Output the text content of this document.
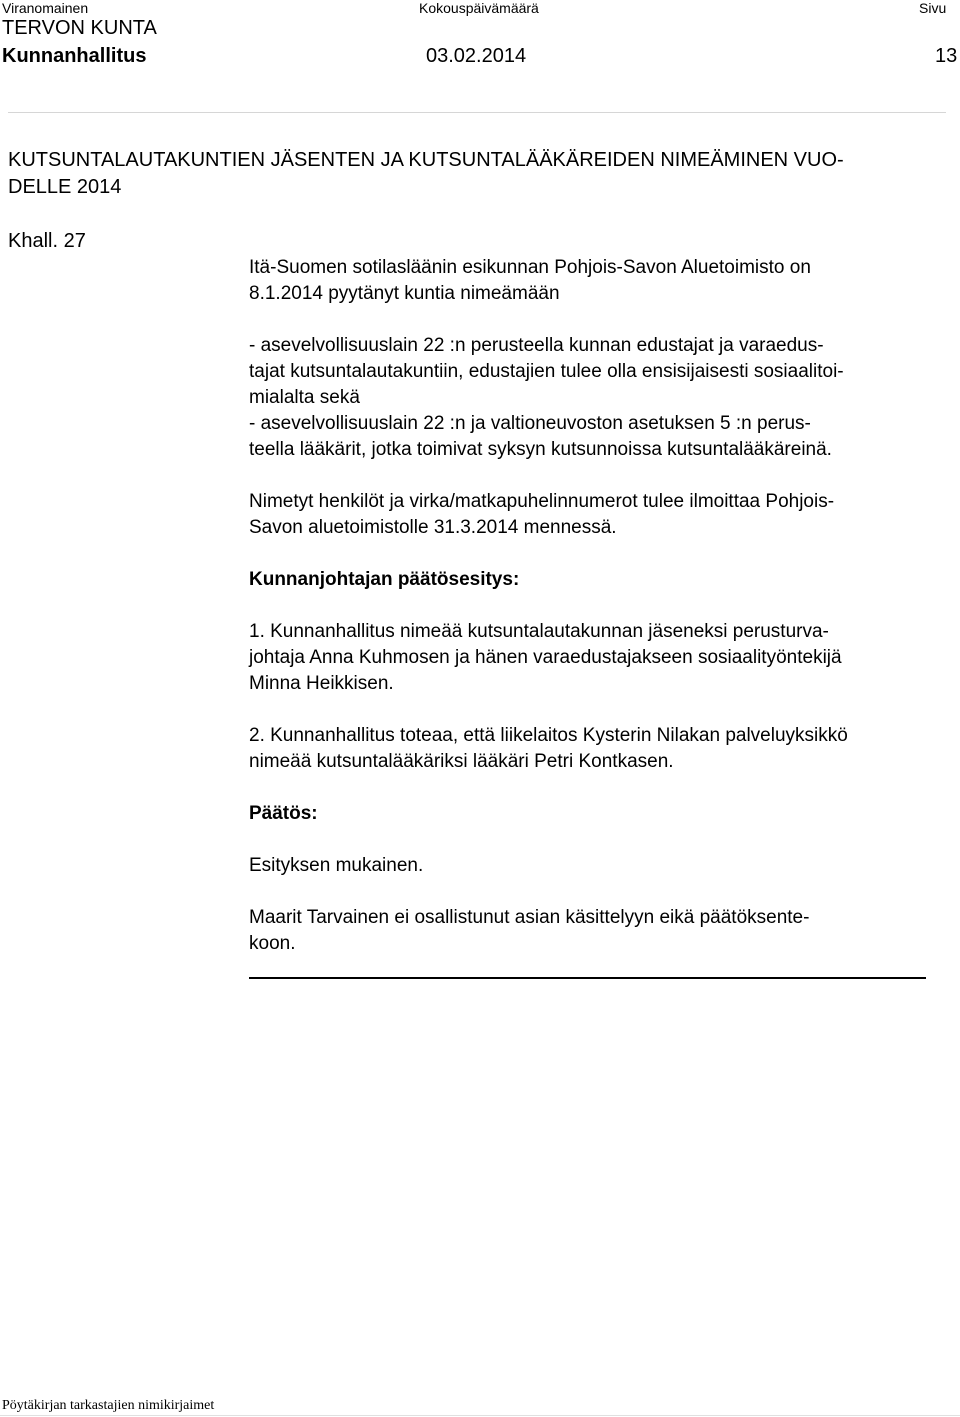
Viranomainen	Kokouspäivämäärä	Sivu
TERVON KUNTA
Kunnanhallitus	03.02.2014	13
KUTSUNTALAUTAKUNTIEN JÄSENTEN JA KUTSUNTALÄÄKÄREIDEN NIMEÄMINEN VUO-
DELLE 2014
Khall. 27
Itä-Suomen sotilasläänin esikunnan Pohjois-Savon Aluetoimisto on
8.1.2014 pyytänyt kuntia nimeämään
- asevelvollisuuslain 22 :n perusteella kunnan edustajat ja varaedus-
tajat kutsuntalautakuntiin, edustajien tulee olla ensisijaisesti sosiaalitoi-
mialalta sekä
- asevelvollisuuslain 22 :n ja valtioneuvoston asetuksen 5 :n perus-
teella lääkärit, jotka toimivat syksyn kutsunnoissa kutsuntalääkäreinä.
Nimetyt henkilöt ja virka/matkapuhelinnumerot tulee ilmoittaa Pohjois-
Savon aluetoimistolle 31.3.2014 mennessä.
Kunnanjohtajan päätösesitys:
1. Kunnanhallitus nimeää kutsuntalautakunnan jäseneksi perusturva-
johtaja Anna Kuhmosen ja hänen varaedustajakseen sosiaalityöntekijä
Minna Heikkisen.
2. Kunnanhallitus toteaa, että liikelaitos Kysterin Nilakan palveluyksikkö
nimeää kutsuntalääkäriksi lääkäri Petri Kontkasen.
Päätös:
Esityksen mukainen.
Maarit Tarvainen ei osallistunut asian käsittelyyn eikä päätöksente-
koon.
Pöytäkirjan tarkastajien nimikirjaimet
